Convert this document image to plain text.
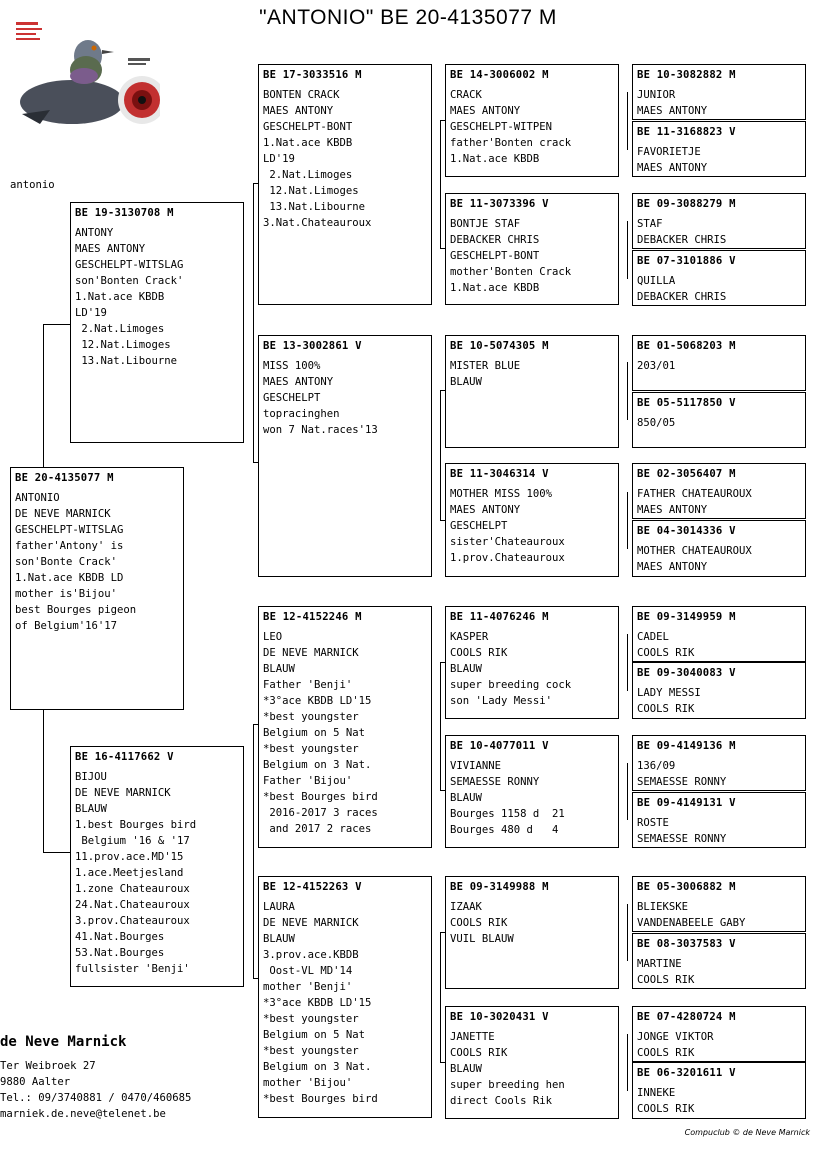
"ANTONIO" BE 20-4135077 M
antonio
BE 20-4135077 M
ANTONIO
DE NEVE MARNICK
GESCHELPT-WITSLAG
father'Antony' is
son'Bonte Crack'
1.Nat.ace KBDB LD
mother is'Bijou'
best Bourges pigeon
of Belgium'16'17
BE 19-3130708 M
ANTONY
MAES ANTONY
GESCHELPT-WITSLAG
son'Bonten Crack'
1.Nat.ace KBDB
LD'19
2.Nat.Limoges
12.Nat.Limoges
13.Nat.Libourne
BE 16-4117662 V
BIJOU
DE NEVE MARNICK
BLAUW
1.best Bourges bird
Belgium '16 & '17
11.prov.ace.MD'15
1.ace.Meetjesland
1.zone Chateauroux
24.Nat.Chateauroux
3.prov.Chateauroux
41.Nat.Bourges
53.Nat.Bourges
fullsister 'Benji'
BE 17-3033516 M
BONTEN CRACK
MAES ANTONY
GESCHELPT-BONT
1.Nat.ace KBDB
LD'19
2.Nat.Limoges
12.Nat.Limoges
13.Nat.Libourne
3.Nat.Chateauroux
BE 13-3002861 V
MISS 100%
MAES ANTONY
GESCHELPT
topracinghen
won 7 Nat.races'13
BE 12-4152246 M
LEO
DE NEVE MARNICK
BLAUW
Father 'Benji'
*3°ace KBDB LD'15
*best youngster
Belgium on 5 Nat
*best youngster
Belgium on 3 Nat.
Father 'Bijou'
*best Bourges bird
2016-2017 3 races
and 2017 2 races
BE 12-4152263 V
LAURA
DE NEVE MARNICK
BLAUW
3.prov.ace.KBDB
Oost-VL MD'14
mother 'Benji'
*3°ace KBDB LD'15
*best youngster
Belgium on 5 Nat
*best youngster
Belgium on 3 Nat.
mother 'Bijou'
*best Bourges bird
BE 14-3006002 M
CRACK
MAES ANTONY
GESCHELPT-WITPEN
father'Bonten crack
1.Nat.ace KBDB
BE 11-3073396 V
BONTJE STAF
DEBACKER CHRIS
GESCHELPT-BONT
mother'Bonten Crack
1.Nat.ace KBDB
BE 10-5074305 M
MISTER BLUE
BLAUW
BE 11-3046314 V
MOTHER MISS 100%
MAES ANTONY
GESCHELPT
sister'Chateauroux
1.prov.Chateauroux
BE 11-4076246 M
KASPER
COOLS RIK
BLAUW
super breeding cock
son 'Lady Messi'
BE 10-4077011 V
VIVIANNE
SEMAESSE RONNY
BLAUW
Bourges 1158 d  21
Bourges 480 d   4
BE 09-3149988 M
IZAAK
COOLS RIK
VUIL BLAUW
BE 10-3020431 V
JANETTE
COOLS RIK
BLAUW
super breeding hen
direct Cools Rik
BE 10-3082882 M
JUNIOR
MAES ANTONY
BE 11-3168823 V
FAVORIETJE
MAES ANTONY
BE 09-3088279 M
STAF
DEBACKER CHRIS
BE 07-3101886 V
QUILLA
DEBACKER CHRIS
BE 01-5068203 M
203/01
BE 05-5117850 V
850/05
BE 02-3056407 M
FATHER CHATEAUROUX
MAES ANTONY
BE 04-3014336 V
MOTHER CHATEAUROUX
MAES ANTONY
BE 09-3149959 M
CADEL
COOLS RIK
BE 09-3040083 V
LADY MESSI
COOLS RIK
BE 09-4149136 M
136/09
SEMAESSE RONNY
BE 09-4149131 V
ROSTE
SEMAESSE RONNY
BE 05-3006882 M
BLIEKSKE
VANDENABEELE GABY
BE 08-3037583 V
MARTINE
COOLS RIK
BE 07-4280724 M
JONGE VIKTOR
COOLS RIK
BE 06-3201611 V
INNEKE
COOLS RIK
de Neve Marnick
Ter Weibroek 27
9880 Aalter
Tel.: 09/3740881 / 0470/460685
marniek.de.neve@telenet.be
Compuclub © de Neve Marnick
